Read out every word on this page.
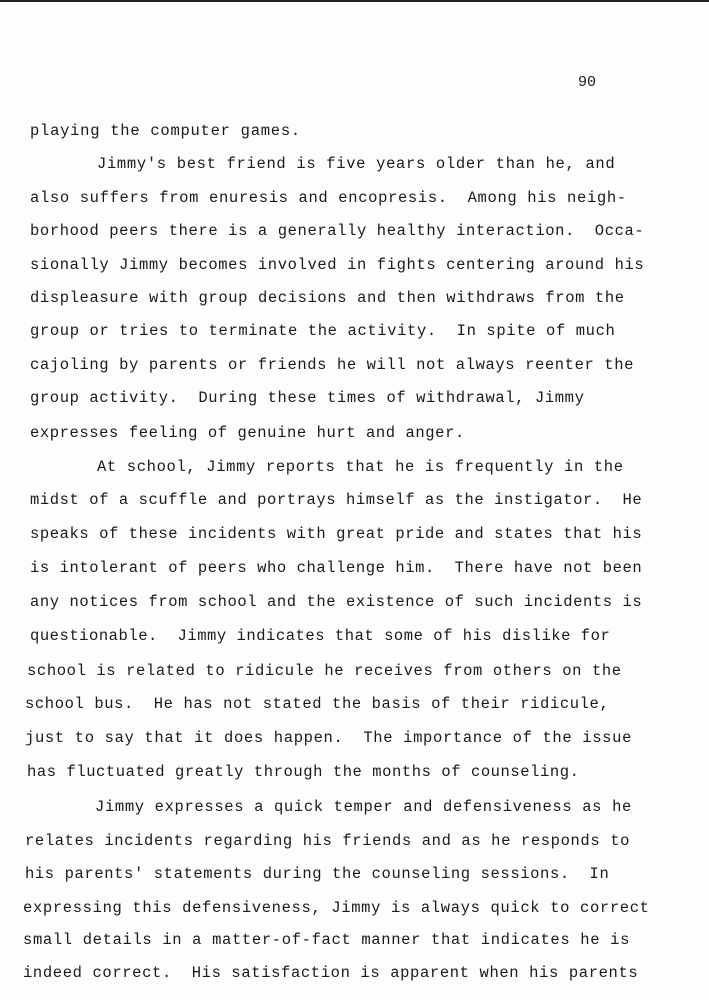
90
playing the computer games.
Jimmy's best friend is five years older than he, and
also suffers from enuresis and encopresis.  Among his neigh-
borhood peers there is a generally healthy interaction.  Occa-
sionally Jimmy becomes involved in fights centering around his
displeasure with group decisions and then withdraws from the
group or tries to terminate the activity.  In spite of much
cajoling by parents or friends he will not always reenter the
group activity.  During these times of withdrawal, Jimmy
expresses feeling of genuine hurt and anger.
At school, Jimmy reports that he is frequently in the
midst of a scuffle and portrays himself as the instigator.  He
speaks of these incidents with great pride and states that his
is intolerant of peers who challenge him.  There have not been
any notices from school and the existence of such incidents is
questionable.  Jimmy indicates that some of his dislike for
school is related to ridicule he receives from others on the
school bus.  He has not stated the basis of their ridicule,
just to say that it does happen.  The importance of the issue
has fluctuated greatly through the months of counseling.
Jimmy expresses a quick temper and defensiveness as he
relates incidents regarding his friends and as he responds to
his parents' statements during the counseling sessions.  In
expressing this defensiveness, Jimmy is always quick to correct
small details in a matter-of-fact manner that indicates he is
indeed correct.  His satisfaction is apparent when his parents
